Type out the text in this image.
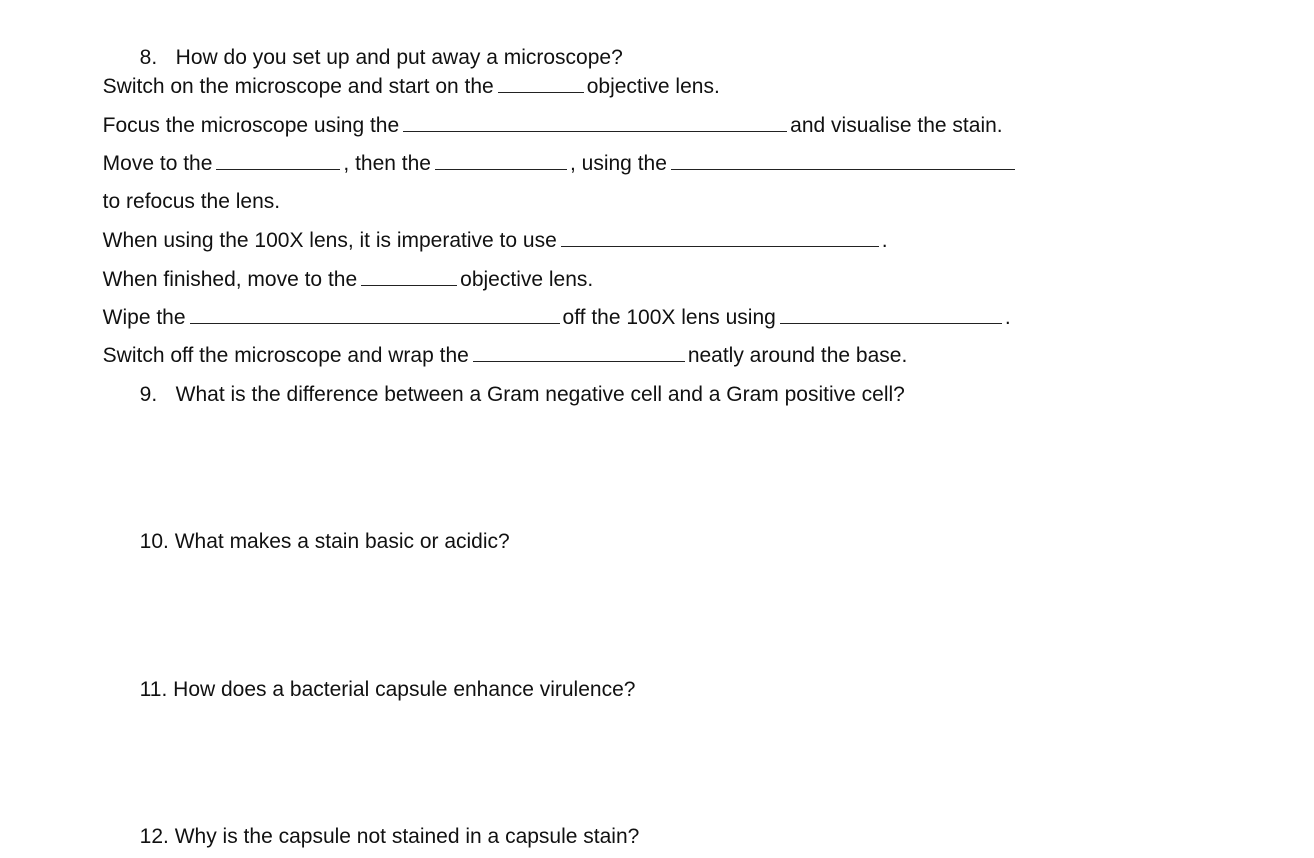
8. How do you set up and put away a microscope?

Switch on the microscope and start on the	objective lens.

Focus the microscope using the	and visualise the stain.

Move to the	, then the	, using the

to refocus the lens.

When using the 100X lens, it is imperative to use	.

When finished, move to the	objective lens.

Wipe the	off the 100X lens using	.

Switch off the microscope and wrap the	neatly around the base.

9. What is the difference between a Gram negative cell and a Gram positive cell?

10. What makes a stain basic or acidic?

11. How does a bacterial capsule enhance virulence?

12. Why is the capsule not stained in a capsule stain?
